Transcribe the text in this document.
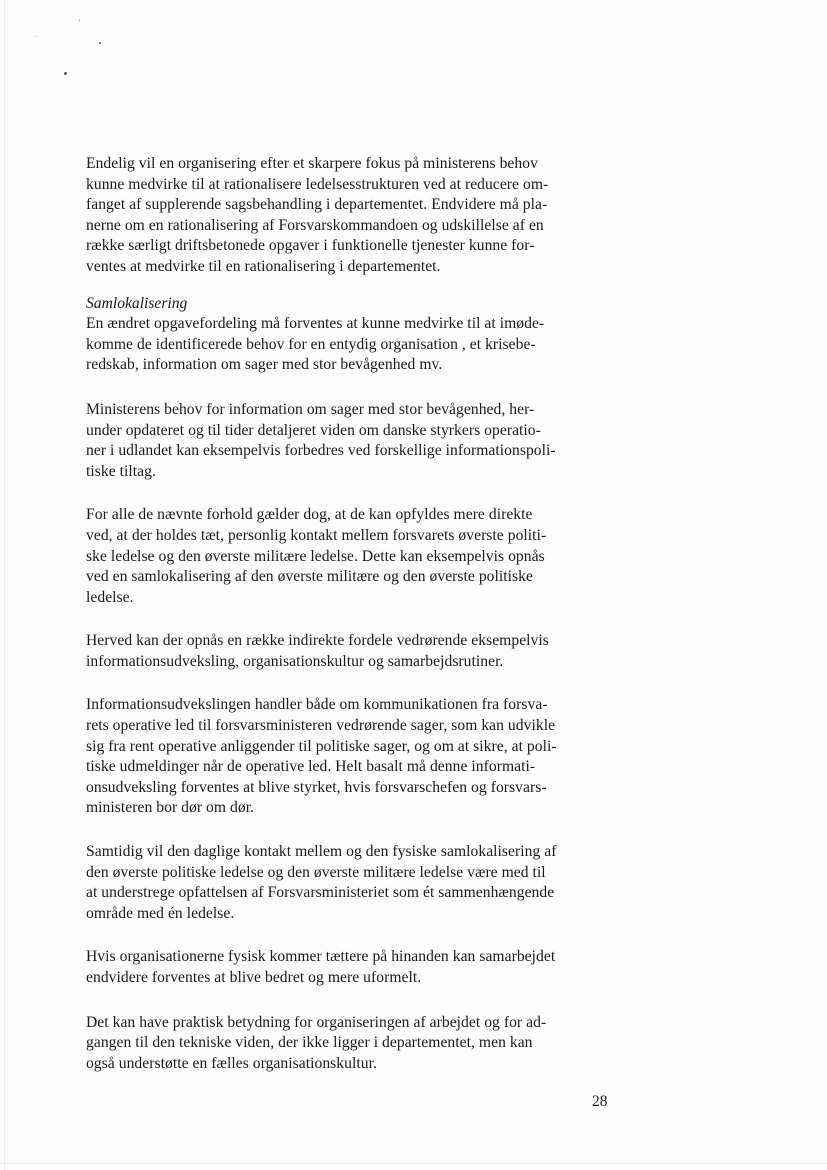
Endelig vil en organisering efter et skarpere fokus på ministerens behov
kunne medvirke til at rationalisere ledelsesstrukturen ved at reducere om-
fanget af supplerende sagsbehandling i departementet. Endvidere må pla-
nerne om en rationalisering af Forsvarskommandoen og udskillelse af en
række særligt driftsbetonede opgaver i funktionelle tjenester kunne for-
ventes at medvirke til en rationalisering i departementet.

Samlokalisering

En ændret opgavefordeling må forventes at kunne medvirke til at imøde-
komme de identificerede behov for en entydig organisation , et krisebe-
redskab, information om sager med stor bevågenhed mv.

Ministerens behov for information om sager med stor bevågenhed, her-
under opdateret og til tider detaljeret viden om danske styrkers operatio-
ner i udlandet kan eksempelvis forbedres ved forskellige informationspoli-
tiske tiltag.

For alle de nævnte forhold gælder dog, at de kan opfyldes mere direkte
ved, at der holdes tæt, personlig kontakt mellem forsvarets øverste politi-
ske ledelse og den øverste militære ledelse. Dette kan eksempelvis opnås
ved en samlokalisering af den øverste militære og den øverste politiske
ledelse.

Herved kan der opnås en række indirekte fordele vedrørende eksempelvis
informationsudveksling, organisationskultur og samarbejdsrutiner.

Informationsudvekslingen handler både om kommunikationen fra forsva-
rets operative led til forsvarsministeren vedrørende sager, som kan udvikle
sig fra rent operative anliggender til politiske sager, og om at sikre, at poli-
tiske udmeldinger når de operative led. Helt basalt må denne informati-
onsudveksling forventes at blive styrket, hvis forsvarschefen og forsvars-
ministeren bor dør om dør.

Samtidig vil den daglige kontakt mellem og den fysiske samlokalisering af
den øverste politiske ledelse og den øverste militære ledelse være med til
at understrege opfattelsen af Forsvarsministeriet som ét sammenhængende
område med én ledelse.

Hvis organisationerne fysisk kommer tættere på hinanden kan samarbejdet
endvidere forventes at blive bedret og mere uformelt.

Det kan have praktisk betydning for organiseringen af arbejdet og for ad-
gangen til den tekniske viden, der ikke ligger i departementet, men kan
også understøtte en fælles organisationskultur.

28
